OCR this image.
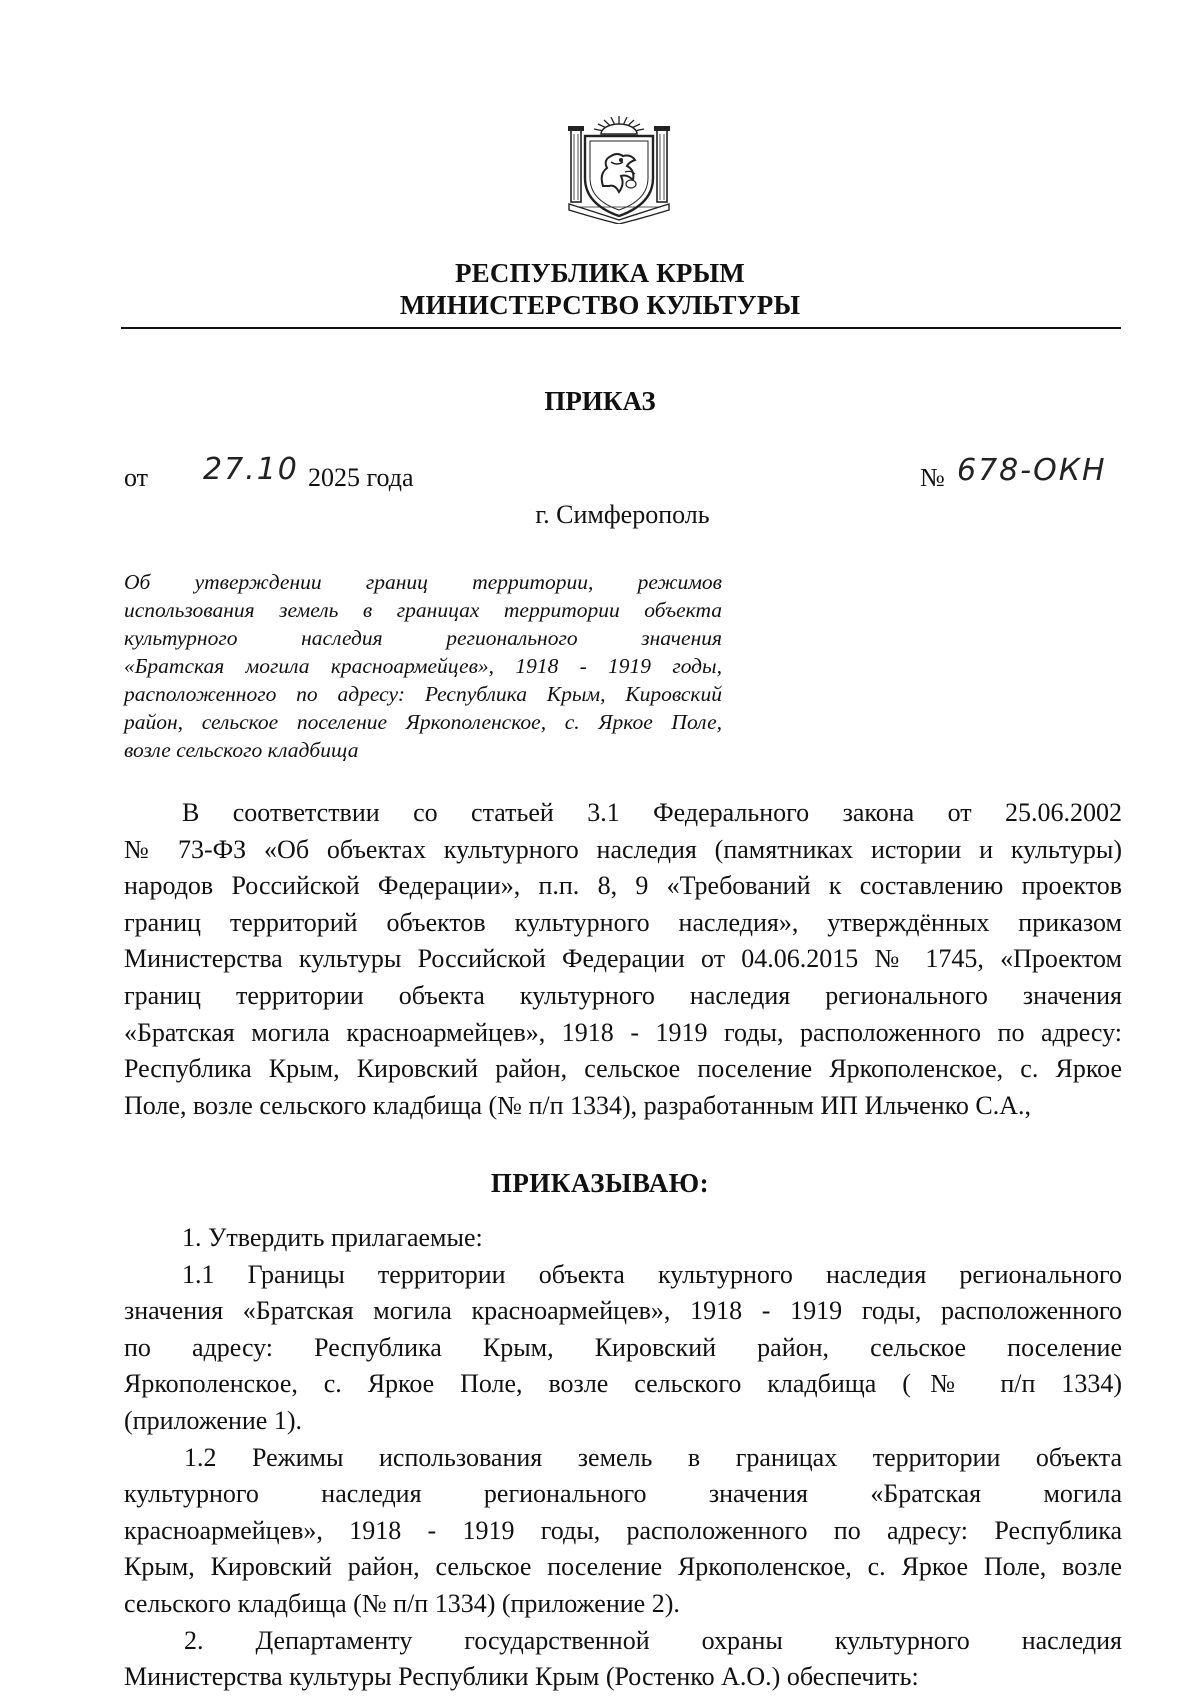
РЕСПУБЛИКА КРЫМ
МИНИСТЕРСТВО КУЛЬТУРЫ
ПРИКАЗ
от 27.10 2025 года	№ 678-ОКН
г. Симферополь
Об утверждении границ территории, режимов
использования земель в границах территории объекта
культурного наследия регионального значения
«Братская могила красноармейцев», 1918 - 1919 годы,
расположенного по адресу: Республика Крым, Кировский
район, сельское поселение Яркополенское, с. Яркое Поле,
возле сельского кладбища
В соответствии со статьей 3.1 Федерального закона от 25.06.2002
№ 73-ФЗ «Об объектах культурного наследия (памятниках истории и культуры)
народов Российской Федерации», п.п. 8, 9 «Требований к составлению проектов
границ территорий объектов культурного наследия», утверждённых приказом
Министерства культуры Российской Федерации от 04.06.2015 № 1745, «Проектом
границ территории объекта культурного наследия регионального значения
«Братская могила красноармейцев», 1918 - 1919 годы, расположенного по адресу:
Республика Крым, Кировский район, сельское поселение Яркополенское, с. Яркое
Поле, возле сельского кладбища (№ п/п 1334), разработанным ИП Ильченко С.А.,
ПРИКАЗЫВАЮ:
1. Утвердить прилагаемые:
1.1 Границы территории объекта культурного наследия регионального
значения «Братская могила красноармейцев», 1918 - 1919 годы, расположенного
по адресу: Республика Крым, Кировский район, сельское поселение
Яркополенское, с. Яркое Поле, возле сельского кладбища (№ п/п 1334)
(приложение 1).
1.2 Режимы использования земель в границах территории объекта
культурного наследия регионального значения «Братская могила
красноармейцев», 1918 - 1919 годы, расположенного по адресу: Республика
Крым, Кировский район, сельское поселение Яркополенское, с. Яркое Поле, возле
сельского кладбища (№ п/п 1334) (приложение 2).
2. Департаменту государственной охраны культурного наследия
Министерства культуры Республики Крым (Ростенко А.О.) обеспечить:
